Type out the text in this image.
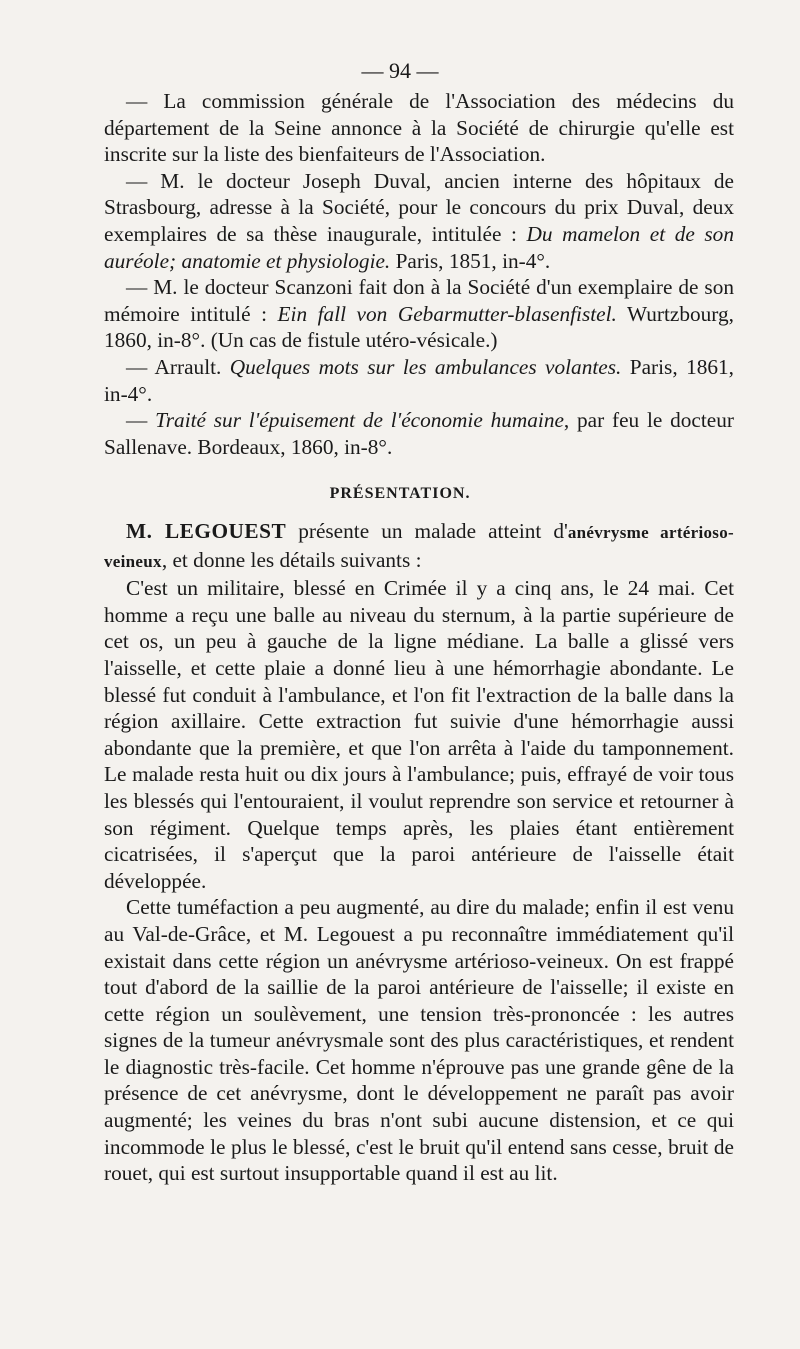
— 94 —

— La commission générale de l'Association des médecins du département de la Seine annonce à la Société de chirurgie qu'elle est inscrite sur la liste des bienfaiteurs de l'Association.

— M. le docteur Joseph Duval, ancien interne des hôpitaux de Strasbourg, adresse à la Société, pour le concours du prix Duval, deux exemplaires de sa thèse inaugurale, intitulée : Du mamelon et de son auréole; anatomie et physiologie. Paris, 1851, in-4°.

— M. le docteur Scanzoni fait don à la Société d'un exemplaire de son mémoire intitulé : Ein fall von Gebarmutter-blasenfistel. Wurtzbourg, 1860, in-8°. (Un cas de fistule utéro-vésicale.)

— Arrault. Quelques mots sur les ambulances volantes. Paris, 1861, in-4°.

— Traité sur l'épuisement de l'économie humaine, par feu le docteur Sallenave. Bordeaux, 1860, in-8°.

PRÉSENTATION.

M. LEGOUEST présente un malade atteint d'anévrysme artérioso-veineux, et donne les détails suivants :

C'est un militaire, blessé en Crimée il y a cinq ans, le 24 mai. Cet homme a reçu une balle au niveau du sternum, à la partie supérieure de cet os, un peu à gauche de la ligne médiane. La balle a glissé vers l'aisselle, et cette plaie a donné lieu à une hémorrhagie abondante. Le blessé fut conduit à l'ambulance, et l'on fit l'extraction de la balle dans la région axillaire. Cette extraction fut suivie d'une hémorrhagie aussi abondante que la première, et que l'on arrêta à l'aide du tamponnement. Le malade resta huit ou dix jours à l'ambulance; puis, effrayé de voir tous les blessés qui l'entouraient, il voulut reprendre son service et retourner à son régiment. Quelque temps après, les plaies étant entièrement cicatrisées, il s'aperçut que la paroi antérieure de l'aisselle était développée.

Cette tuméfaction a peu augmenté, au dire du malade; enfin il est venu au Val-de-Grâce, et M. Legouest a pu reconnaître immédiatement qu'il existait dans cette région un anévrysme artérioso-veineux. On est frappé tout d'abord de la saillie de la paroi antérieure de l'aisselle; il existe en cette région un soulèvement, une tension très-prononcée : les autres signes de la tumeur anévrysmale sont des plus caractéristiques, et rendent le diagnostic très-facile. Cet homme n'éprouve pas une grande gêne de la présence de cet anévrysme, dont le développement ne paraît pas avoir augmenté; les veines du bras n'ont subi aucune distension, et ce qui incommode le plus le blessé, c'est le bruit qu'il entend sans cesse, bruit de rouet, qui est surtout insupportable quand il est au lit.
